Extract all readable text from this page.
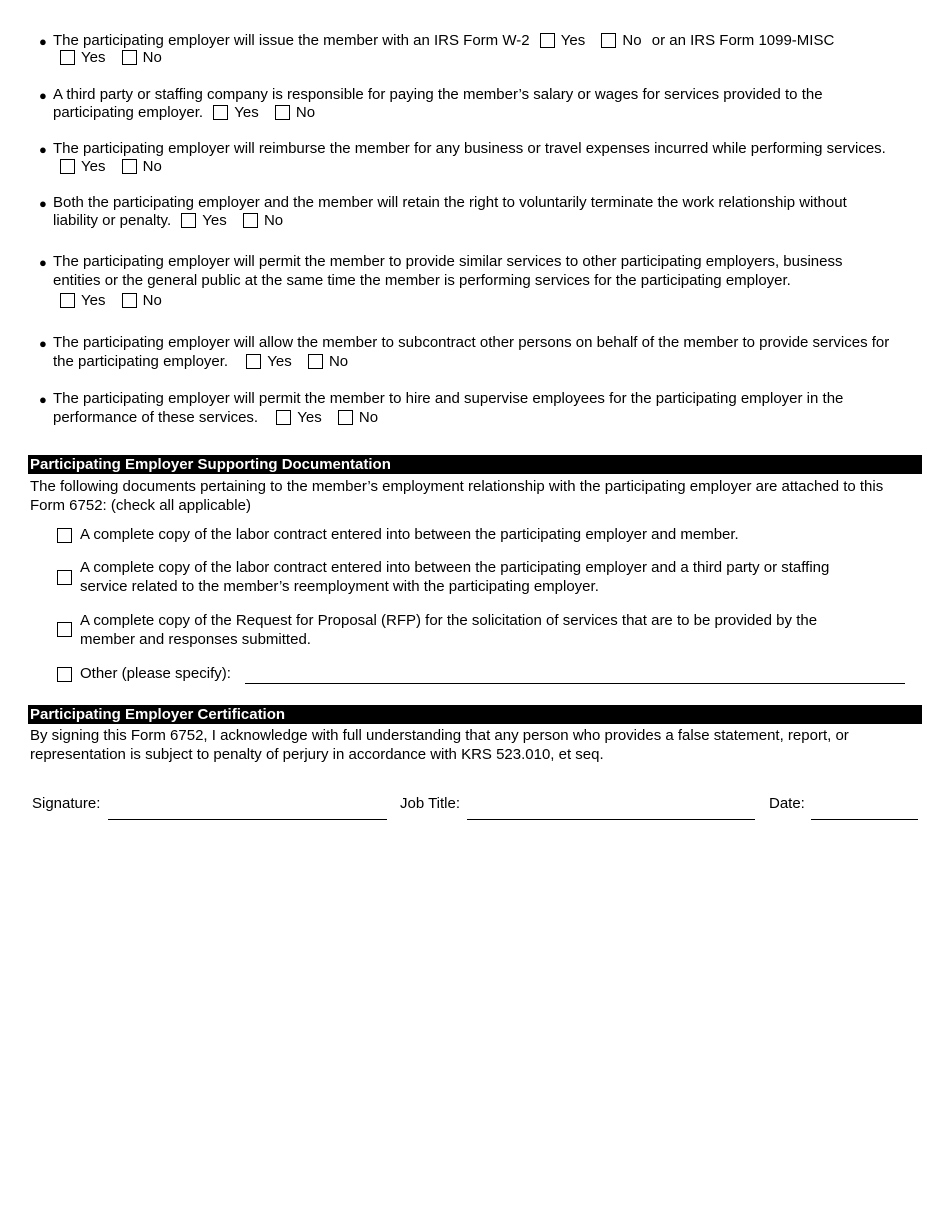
● The participating employer will issue the member with an IRS Form W-2 Yes No or an IRS Form 1099-MISC
Yes No
● A third party or staffing company is responsible for paying the member’s salary or wages for services provided to the
participating employer. Yes No
● The participating employer will reimburse the member for any business or travel expenses incurred while performing services.
Yes No
● Both the participating employer and the member will retain the right to voluntarily terminate the work relationship without
liability or penalty. Yes No
● The participating employer will permit the member to provide similar services to other participating employers, business
entities or the general public at the same time the member is performing services for the participating employer.
Yes No
● The participating employer will allow the member to subcontract other persons on behalf of the member to provide services for
the participating employer.	Yes No
● The participating employer will permit the member to hire and supervise employees for the participating employer in the
performance of these services.	Yes No
Participating Employer Supporting Documentation
The following documents pertaining to the member’s employment relationship with the participating employer are attached to this
Form 6752: (check all applicable)
A complete copy of the labor contract entered into between the participating employer and member.
A complete copy of the labor contract entered into between the participating employer and a third party or staffing
service related to the member’s reemployment with the participating employer.
A complete copy of the Request for Proposal (RFP) for the solicitation of services that are to be provided by the
member and responses submitted.
Other (please specify):
Participating Employer Certification
By signing this Form 6752, I acknowledge with full understanding that any person who provides a false statement, report, or
representation is subject to penalty of perjury in accordance with KRS 523.010, et seq.
Signature:	Job Title:	Date:
